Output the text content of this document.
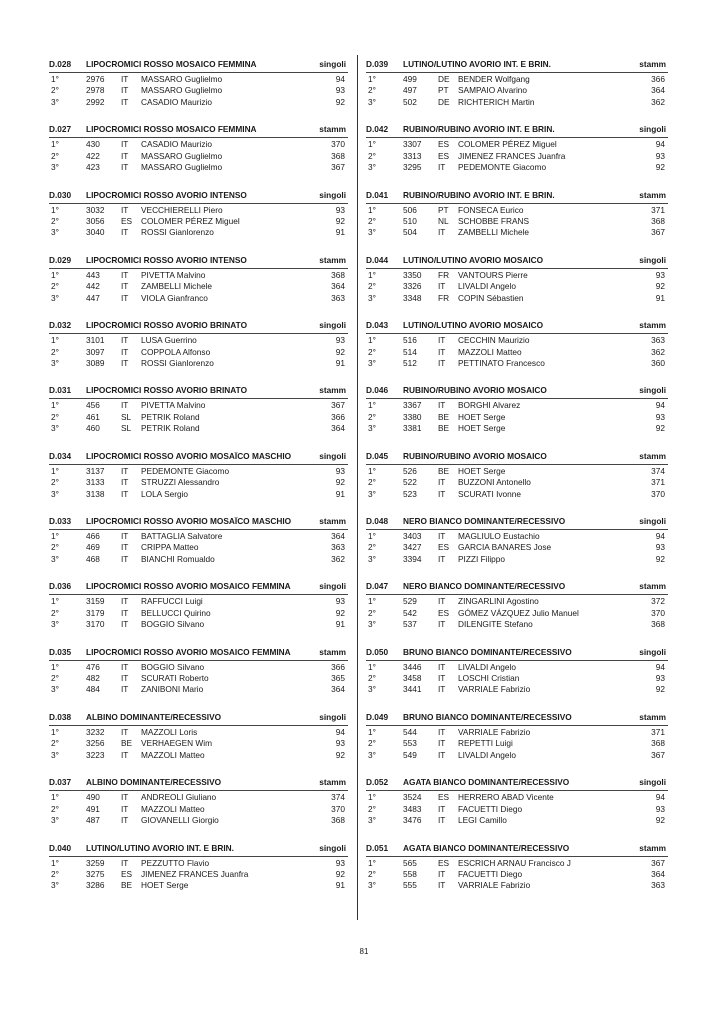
D.028 LIPOCROMICI ROSSO MOSAICO FEMMINA	singoli
1°	2976 IT MASSARO Guglielmo	94
2°	2978 IT MASSARO Guglielmo	93
3°	2992 IT CASADIO Maurizio	92
D.027 LIPOCROMICI ROSSO MOSAICO FEMMINA	stamm
1°	430	IT CASADIO Maurizio	370
2°	422	IT MASSARO Guglielmo	368
3°	423	IT MASSARO Guglielmo	367
D.030 LIPOCROMICI ROSSO AVORIO INTENSO	singoli
1°	3032 IT VECCHIERELLI Piero	93
2°	3056 ES COLOMER PÉREZ Miguel	92
3°	3040 IT ROSSI Gianlorenzo	91
D.029 LIPOCROMICI ROSSO AVORIO INTENSO	stamm
1°	443	IT PIVETTA Malvino	368
2°	442	IT ZAMBELLI Michele	364
3°	447	IT VIOLA Gianfranco	363
D.032 LIPOCROMICI ROSSO AVORIO BRINATO	singoli
1°	3101 IT LUSA Guerrino	93
2°	3097 IT COPPOLA Alfonso	92
3°	3089 IT ROSSI Gianlorenzo	91
D.031 LIPOCROMICI ROSSO AVORIO BRINATO	stamm
1°	456	IT PIVETTA Malvino	367
2°	461	SL PETRIK Roland	366
3°	460	SL PETRIK Roland	364
D.034 LIPOCROMICI ROSSO AVORIO MOSAÏCO MASCHIO	singoli
1°	3137 IT PEDEMONTE Giacomo	93
2°	3133 IT STRUZZI Alessandro	92
3°	3138 IT LOLA Sergio	91
D.033 LIPOCROMICI ROSSO AVORIO MOSAÏCO MASCHIO	stamm
1°	466	IT BATTAGLIA Salvatore	364
2°	469	IT CRIPPA Matteo	363
3°	468	IT BIANCHI Romualdo	362
D.036 LIPOCROMICI ROSSO AVORIO MOSAICO FEMMINA	singoli
1°	3159 IT RAFFUCCI Luigi	93
2°	3179 IT BELLUCCI Quirino	92
3°	3170 IT BOGGIO Silvano	91
D.035 LIPOCROMICI ROSSO AVORIO MOSAICO FEMMINA	stamm
1°	476	IT BOGGIO Silvano	366
2°	482	IT SCURATI Roberto	365
3°	484	IT ZANIBONI Mario	364
D.038 ALBINO DOMINANTE/RECESSIVO	singoli
1°	3232 IT MAZZOLI Loris	94
2°	3256 BE VERHAEGEN Wim	93
3°	3223 IT MAZZOLI Matteo	92
D.037 ALBINO DOMINANTE/RECESSIVO	stamm
1°	490	IT ANDREOLI Giuliano	374
2°	491	IT MAZZOLI Matteo	370
3°	487	IT GIOVANELLI Giorgio	368
D.040 LUTINO/LUTINO AVORIO INT. E BRIN.	singoli
1°	3259 IT PEZZUTTO Flavio	93
2°	3275 ES JIMENEZ FRANCES Juanfra	92
3°	3286 BE HOET Serge	91
D.039 LUTINO/LUTINO AVORIO INT. E BRIN.	stamm
1°	499	DE BENDER Wolfgang	366
2°	497	PT SAMPAIO Alvarino	364
3°	502	DE RICHTERICH Martin	362
D.042 RUBINO/RUBINO AVORIO INT. E BRIN.	singoli
1°	3307 ES COLOMER PÉREZ Miguel	94
2°	3313 ES JIMENEZ FRANCES Juanfra	93
3°	3295 IT PEDEMONTE Giacomo	92
D.041 RUBINO/RUBINO AVORIO INT. E BRIN.	stamm
1°	506	PT FONSECA Eurico	371
2°	510	NL SCHOBBE FRANS	368
3°	504	IT ZAMBELLI Michele	367
D.044 LUTINO/LUTINO AVORIO MOSAICO	singoli
1°	3350 FR VANTOURS Pierre	93
2°	3326 IT LIVALDI Angelo	92
3°	3348 FR COPIN Sébastien	91
D.043 LUTINO/LUTINO AVORIO MOSAICO	stamm
1°	516	IT CECCHIN Maurizio	363
2°	514	IT MAZZOLI Matteo	362
3°	512	IT PETTINATO Francesco	360
D.046 RUBINO/RUBINO AVORIO MOSAICO	singoli
1°	3367 IT BORGHI Alvarez	94
2°	3380 BE HOET Serge	93
3°	3381 BE HOET Serge	92
D.045 RUBINO/RUBINO AVORIO MOSAICO	stamm
1°	526	BE HOET Serge	374
2°	522	IT BUZZONI Antonello	371
3°	523	IT SCURATI Ivonne	370
D.048 NERO BIANCO DOMINANTE/RECESSIVO	singoli
1°	3403 IT MAGLIULO Eustachio	94
2°	3427 ES GARCIA BANARES Jose	93
3°	3394 IT PIZZI Filippo	92
D.047 NERO BIANCO DOMINANTE/RECESSIVO	stamm
1°	529	IT ZINGARLINI Agostino	372
2°	542	ES GÓMEZ VÁZQUEZ Julio Manuel	370
3°	537	IT DILENGITE Stefano	368
D.050 BRUNO BIANCO DOMINANTE/RECESSIVO	singoli
1°	3446 IT LIVALDI Angelo	94
2°	3458 IT LOSCHI Cristian	93
3°	3441 IT VARRIALE Fabrizio	92
D.049 BRUNO BIANCO DOMINANTE/RECESSIVO	stamm
1°	544	IT VARRIALE Fabrizio	371
2°	553	IT REPETTI Luigi	368
3°	549	IT LIVALDI Angelo	367
D.052 AGATA BIANCO DOMINANTE/RECESSIVO	singoli
1°	3524 ES HERRERO ABAD Vicente	94
2°	3483 IT FACUETTI Diego	93
3°	3476 IT LEGI Camillo	92
D.051 AGATA BIANCO DOMINANTE/RECESSIVO	stamm
1°	565	ES ESCRICH ARNAU Francisco J	367
2°	558	IT FACUETTI Diego	364
3°	555	IT VARRIALE Fabrizio	363
81
